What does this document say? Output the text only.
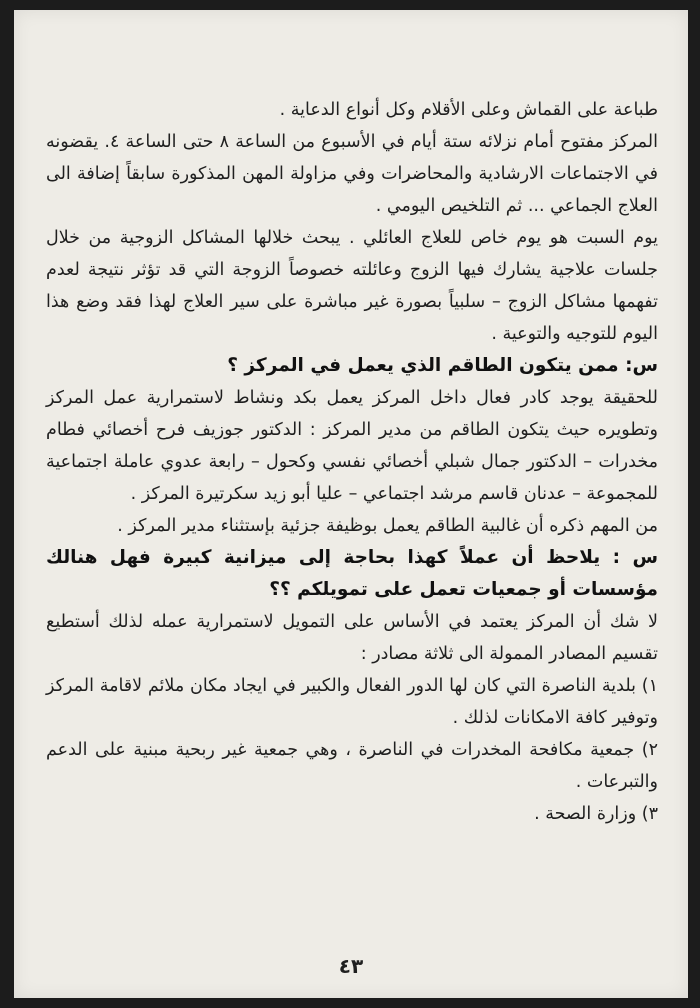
طباعة على القماش وعلى الأقلام وكل أنواع الدعاية .

المركز مفتوح أمام نزلائه ستة أيام في الأسبوع من الساعة ٨ حتى الساعة ٤. يقضونه في الاجتماعات الارشادية والمحاضرات وفي مزاولة المهن المذكورة سابقاً إضافة الى العلاج الجماعي ... ثم التلخيص اليومي .

يوم السبت هو يوم خاص للعلاج العائلي . يبحث خلالها المشاكل الزوجية من خلال جلسات علاجية يشارك فيها الزوج وعائلته خصوصاً الزوجة التي قد تؤثر نتيجة لعدم تفهمها مشاكل الزوج – سلبياً بصورة غير مباشرة على سير العلاج لهذا فقد وضع هذا اليوم للتوجيه والتوعية .

س: ممن يتكون الطاقم الذي يعمل في المركز ؟

للحقيقة يوجد كادر فعال داخل المركز يعمل بكد ونشاط لاستمرارية عمل المركز وتطويره حيث يتكون الطاقم من مدير المركز : الدكتور جوزيف فرح أخصائي فطام مخدرات – الدكتور جمال شبلي أخصائي نفسي وكحول – رابعة عدوي عاملة اجتماعية للمجموعة – عدنان قاسم مرشد اجتماعي – عليا أبو زيد سكرتيرة المركز .

من المهم ذكره أن غالبية الطاقم يعمل بوظيفة جزئية بإستثناء مدير المركز .

س : يلاحظ أن عملاً كهذا بحاجة إلى ميزانية كبيرة فهل هنالك مؤسسات أو جمعيات تعمل على تمويلكم ؟؟

لا شك أن المركز يعتمد في الأساس على التمويل لاستمرارية عمله لذلك أستطيع تقسيم المصادر الممولة الى ثلاثة مصادر :

١) بلدية الناصرة التي كان لها الدور الفعال والكبير في ايجاد مكان ملائم لاقامة المركز وتوفير كافة الامكانات لذلك .

٢) جمعية مكافحة المخدرات في الناصرة ، وهي جمعية غير ربحية مبنية على الدعم والتبرعات .

٣) وزارة الصحة .

٤٣
